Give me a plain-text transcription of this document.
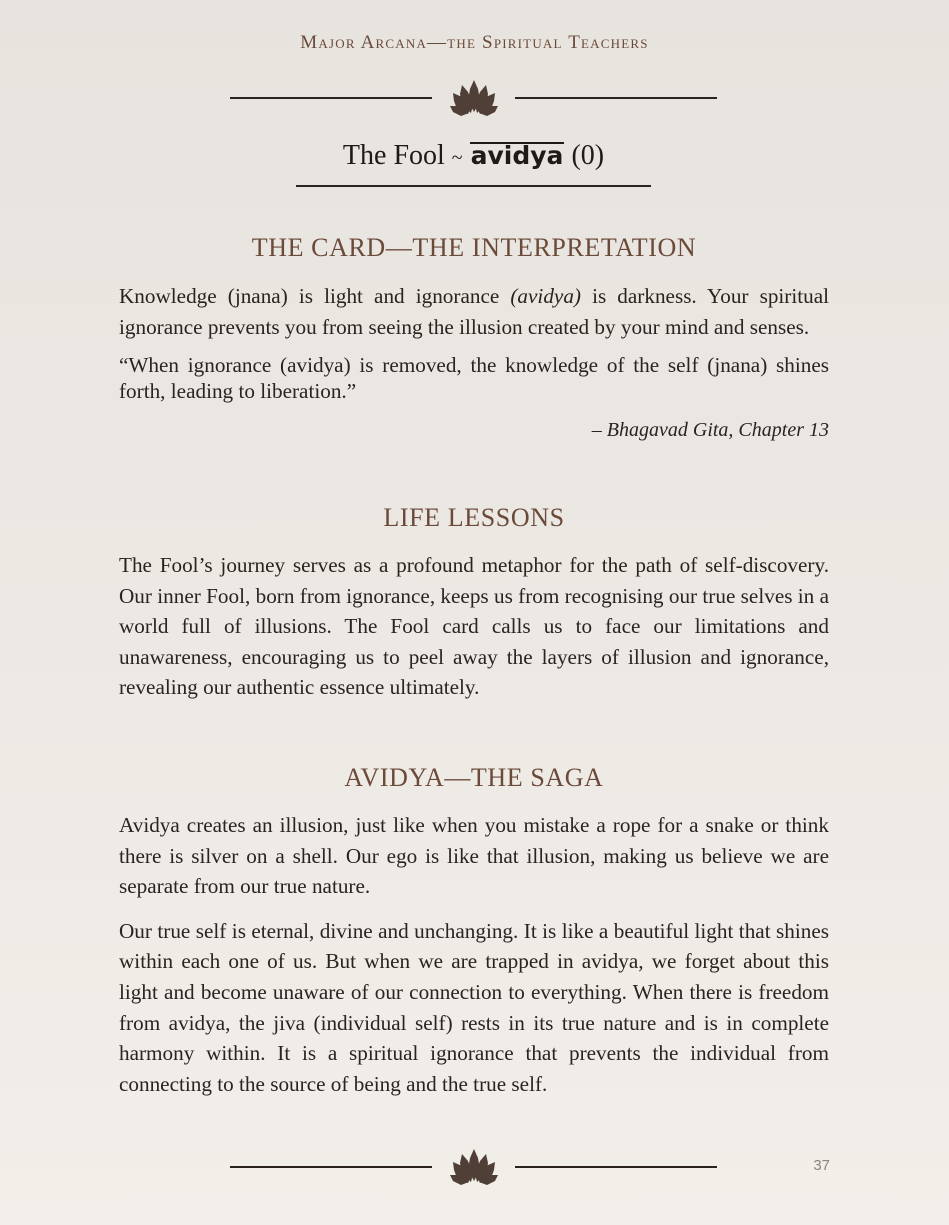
Major Arcana—the Spiritual Teachers
The Fool ~ avidya (0)
THE CARD—THE INTERPRETATION

Knowledge (jnana) is light and ignorance (avidya) is darkness. Your spiritual ignorance prevents you from seeing the illusion created by your mind and senses.

“When ignorance (avidya) is removed, the knowledge of the self (jnana) shines forth, leading to liberation.”

– Bhagavad Gita, Chapter 13

LIFE LESSONS

The Fool’s journey serves as a profound metaphor for the path of self-discovery. Our inner Fool, born from ignorance, keeps us from recognising our true selves in a world full of illusions. The Fool card calls us to face our limitations and unawareness, encouraging us to peel away the layers of illusion and ignorance, revealing our authentic essence ultimately.

AVIDYA—THE SAGA

Avidya creates an illusion, just like when you mistake a rope for a snake or think there is silver on a shell. Our ego is like that illusion, making us believe we are separate from our true nature.

Our true self is eternal, divine and unchanging. It is like a beautiful light that shines within each one of us. But when we are trapped in avidya, we forget about this light and become unaware of our connection to everything. When there is freedom from avidya, the jiva (individual self) rests in its true nature and is in complete harmony within. It is a spiritual ignorance that prevents the individual from connecting to the source of being and the true self.

37
